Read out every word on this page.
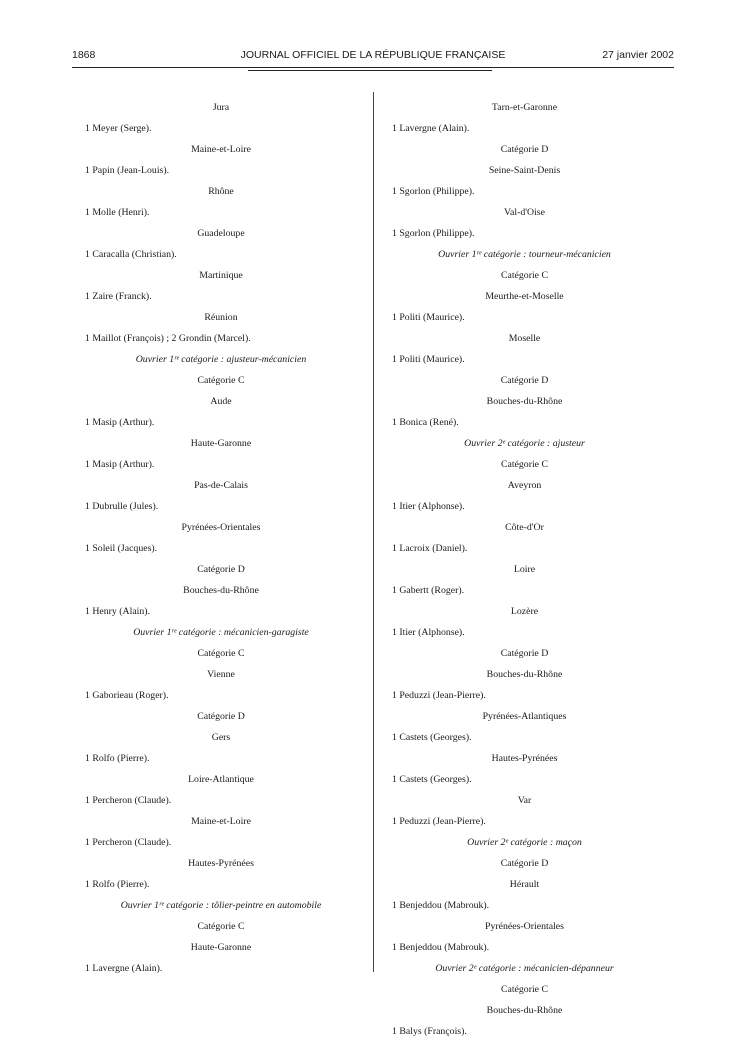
1868	JOURNAL OFFICIEL DE LA RÉPUBLIQUE FRANÇAISE	27 janvier 2002
Jura
1 Meyer (Serge).
Maine-et-Loire
1 Papin (Jean-Louis).
Rhône
1 Molle (Henri).
Guadeloupe
1 Caracalla (Christian).
Martinique
1 Zaire (Franck).
Réunion
1 Maillot (François) ; 2 Grondin (Marcel).
Ouvrier 1ʳᵉ catégorie : ajusteur-mécanicien
Catégorie C
Aude
1 Masip (Arthur).
Haute-Garonne
1 Masip (Arthur).
Pas-de-Calais
1 Dubrulle (Jules).
Pyrénées-Orientales
1 Soleil (Jacques).
Catégorie D
Bouches-du-Rhône
1 Henry (Alain).
Ouvrier 1ʳᵉ catégorie : mécanicien-garagiste
Catégorie C
Vienne
1 Gaborieau (Roger).
Catégorie D
Gers
1 Rolfo (Pierre).
Loire-Atlantique
1 Percheron (Claude).
Maine-et-Loire
1 Percheron (Claude).
Hautes-Pyrénées
1 Rolfo (Pierre).
Ouvrier 1ʳᵉ catégorie : tôlier-peintre en automobile
Catégorie C
Haute-Garonne
1 Lavergne (Alain).
Tarn-et-Garonne
1 Lavergne (Alain).
Catégorie D
Seine-Saint-Denis
1 Sgorlon (Philippe).
Val-d'Oise
1 Sgorlon (Philippe).
Ouvrier 1ʳᵉ catégorie : tourneur-mécanicien
Catégorie C
Meurthe-et-Moselle
1 Politi (Maurice).
Moselle
1 Politi (Maurice).
Catégorie D
Bouches-du-Rhône
1 Bonica (René).
Ouvrier 2ᵉ catégorie : ajusteur
Catégorie C
Aveyron
1 Itier (Alphonse).
Côte-d'Or
1 Lacroix (Daniel).
Loire
1 Gabertt (Roger).
Lozère
1 Itier (Alphonse).
Catégorie D
Bouches-du-Rhône
1 Peduzzi (Jean-Pierre).
Pyrénées-Atlantiques
1 Castets (Georges).
Hautes-Pyrénées
1 Castets (Georges).
Var
1 Peduzzi (Jean-Pierre).
Ouvrier 2ᵉ catégorie : maçon
Catégorie D
Hérault
1 Benjeddou (Mabrouk).
Pyrénées-Orientales
1 Benjeddou (Mabrouk).
Ouvrier 2ᵉ catégorie : mécanicien-dépanneur
Catégorie C
Bouches-du-Rhône
1 Balys (François).
